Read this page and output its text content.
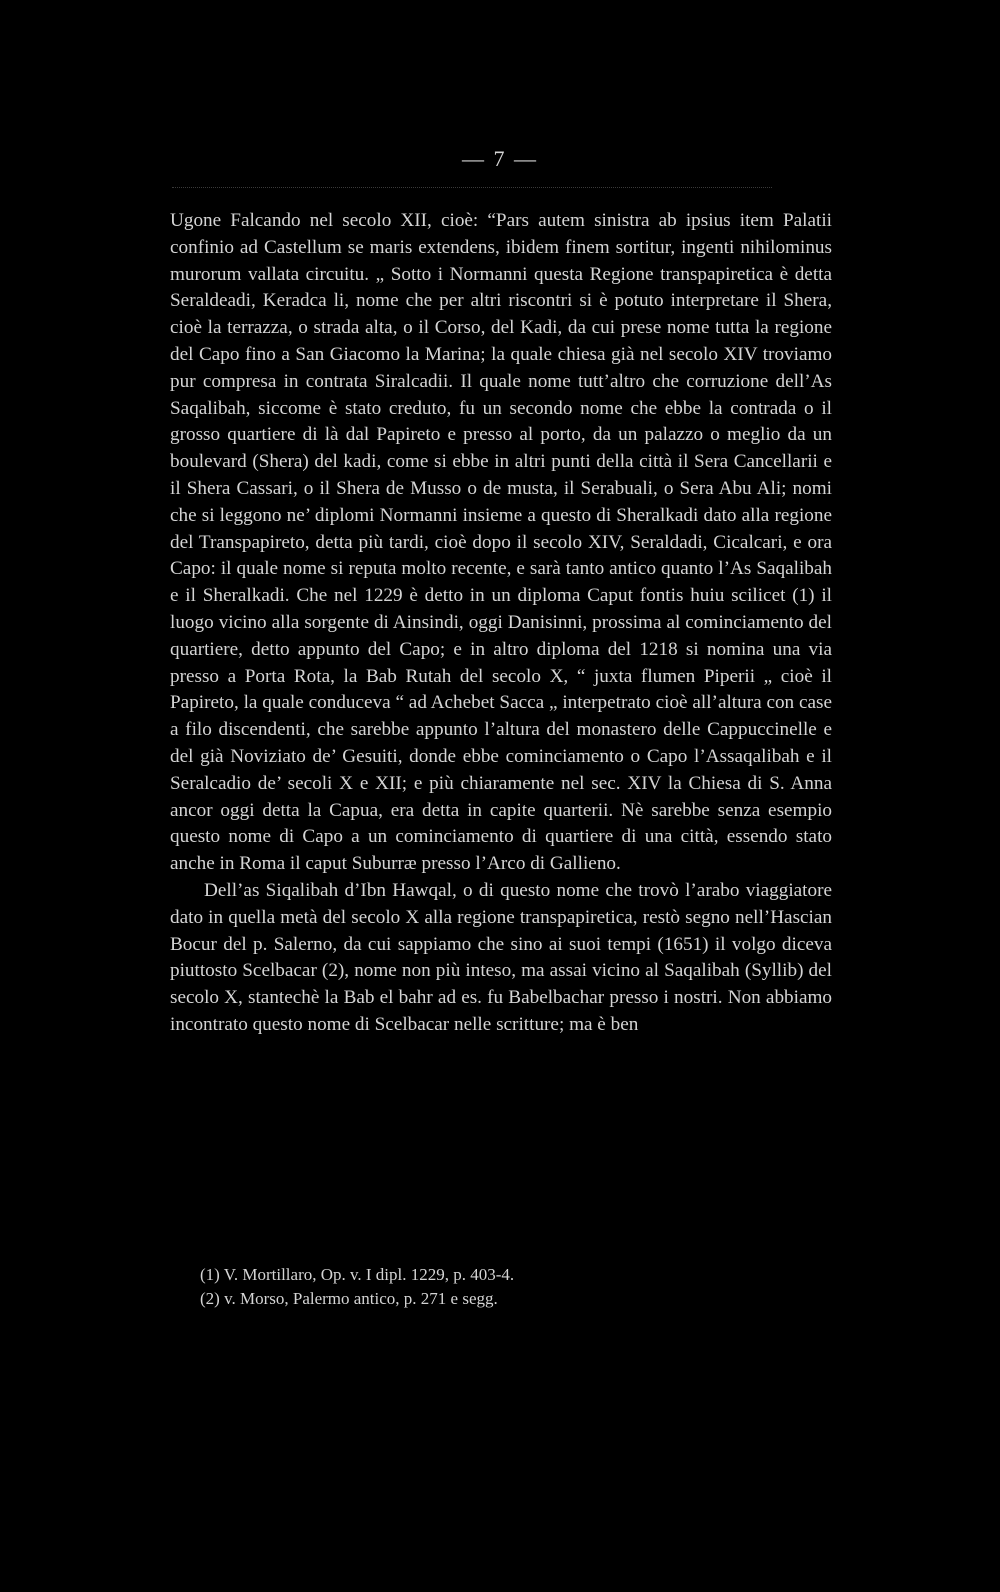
— 7 —

Ugone Falcando nel secolo XII, cioè: “Pars autem sinistra ab ipsius item Palatii confinio ad Castellum se maris extendens, ibidem finem sortitur, ingenti nihilominus murorum vallata circuitu. „ Sotto i Normanni questa Regione transpapiretica è detta Seraldeadi, Keradca li, nome che per altri riscontri si è potuto interpretare il Shera, cioè la terrazza, o strada alta, o il Corso, del Kadi, da cui prese nome tutta la regione del Capo fino a San Giacomo la Marina; la quale chiesa già nel secolo XIV troviamo pur compresa in contrata Siralcadii. Il quale nome tutt’altro che corruzione dell’As Saqalibah, siccome è stato creduto, fu un secondo nome che ebbe la contrada o il grosso quartiere di là dal Papireto e presso al porto, da un palazzo o meglio da un boulevard (Shera) del kadi, come si ebbe in altri punti della città il Sera Cancellarii e il Shera Cassari, o il Shera de Musso o de musta, il Serabuali, o Sera Abu Ali; nomi che si leggono ne’ diplomi Normanni insieme a questo di Sheralkadi dato alla regione del Transpapireto, detta più tardi, cioè dopo il secolo XIV, Seraldadi, Cicalcari, e ora Capo: il quale nome si reputa molto recente, e sarà tanto antico quanto l’As Saqalibah e il Sheralkadi. Che nel 1229 è detto in un diploma Caput fontis huiu scilicet (1) il luogo vicino alla sorgente di Ainsindi, oggi Danisinni, prossima al cominciamento del quartiere, detto appunto del Capo; e in altro diploma del 1218 si nomina una via presso a Porta Rota, la Bab Rutah del secolo X, “ juxta flumen Piperii „ cioè il Papireto, la quale conduceva “ ad Achebet Sacca „ interpetrato cioè all’altura con case a filo discendenti, che sarebbe appunto l’altura del monastero delle Cappuccinelle e del già Noviziato de’ Gesuiti, donde ebbe cominciamento o Capo l’Assaqalibah e il Seralcadio de’ secoli X e XII; e più chiaramente nel sec. XIV la Chiesa di S. Anna ancor oggi detta la Capua, era detta in capite quarterii. Nè sarebbe senza esempio questo nome di Capo a un cominciamento di quartiere di una città, essendo stato anche in Roma il caput Suburræ presso l’Arco di Gallieno.

Dell’as Siqalibah d’Ibn Hawqal, o di questo nome che trovò l’arabo viaggiatore dato in quella metà del secolo X alla regione transpapiretica, restò segno nell’Hascian Bocur del p. Salerno, da cui sappiamo che sino ai suoi tempi (1651) il volgo diceva piuttosto Scelbacar (2), nome non più inteso, ma assai vicino al Saqalibah (Syllib) del secolo X, stantechè la Bab el bahr ad es. fu Babelbachar presso i nostri. Non abbiamo incontrato questo nome di Scelbacar nelle scritture; ma è ben

(1) V. Mortillaro, Op. v. I dipl. 1229, p. 403-4.

(2) v. Morso, Palermo antico, p. 271 e segg.
